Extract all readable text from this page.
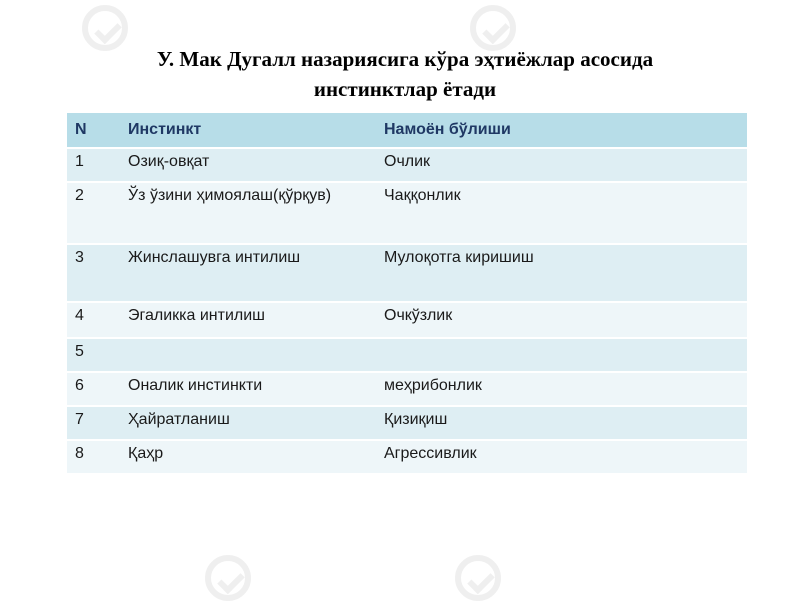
У. Мак Дугалл назариясига кўра эҳтиёжлар асосида
инстинктлар ётади
N	Инстинкт	Намоён бўлиши
1	Озиқ-овқат	Очлик
2	Ўз ўзини ҳимоялаш(қўрқув)	Чаққонлик
3	Жинслашувга интилиш	Мулоқотга киришиш
4	Эгаликка интилиш	Очкўзлик
5		
6	Оналик инстинкти	меҳрибонлик
7	Ҳайратланиш	Қизиқиш
8	Қаҳр	Агрессивлик
